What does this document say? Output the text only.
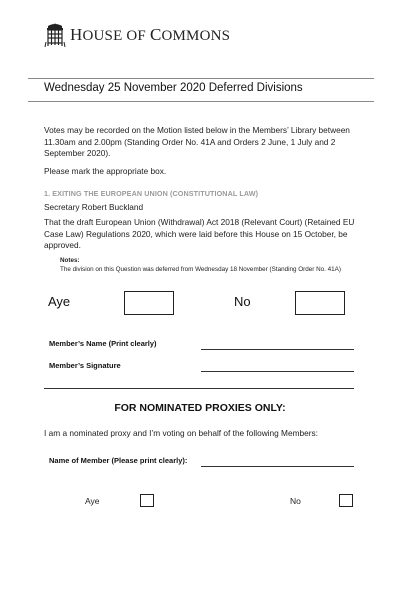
HOUSE OF COMMONS
Wednesday 25 November 2020 Deferred Divisions
Votes may be recorded on the Motion listed below in the Members’ Library between 11.30am and 2.00pm (Standing Order No. 41A and Orders 2 June, 1 July and 2 September 2020).
Please mark the appropriate box.
1. EXITING THE EUROPEAN UNION (CONSTITUTIONAL LAW)
Secretary Robert Buckland
That the draft European Union (Withdrawal) Act 2018 (Relevant Court) (Retained EU Case Law) Regulations 2020, which were laid before this House on 15 October, be approved.
Notes:
The division on this Question was deferred from Wednesday 18 November (Standing Order No. 41A)
Aye	No
Member’s Name (Print clearly)
Member’s Signature
FOR NOMINATED PROXIES ONLY:
I am a nominated proxy and I’m voting on behalf of the following Members:
Name of Member (Please print clearly):
Aye	No
